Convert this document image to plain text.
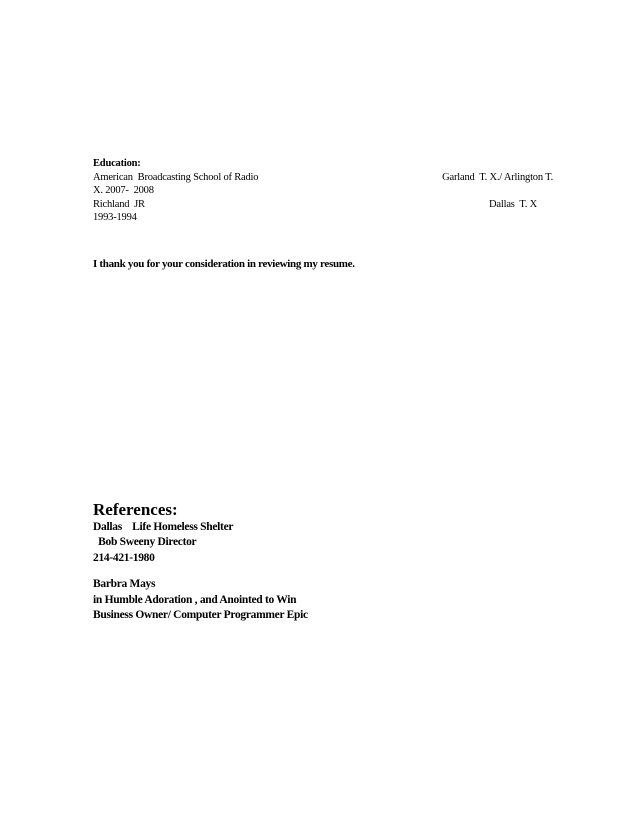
Education:
American  Broadcasting School of Radio	Garland  T. X./ Arlington T.
X. 2007-  2008
Richland  JR	Dallas  T. X
1993-1994
I thank you for your consideration in reviewing my resume.
References:
Dallas    Life Homeless Shelter
Bob Sweeny Director
214-421-1980
Barbra Mays
in Humble Adoration , and Anointed to Win
Business Owner/ Computer Programmer Epic
